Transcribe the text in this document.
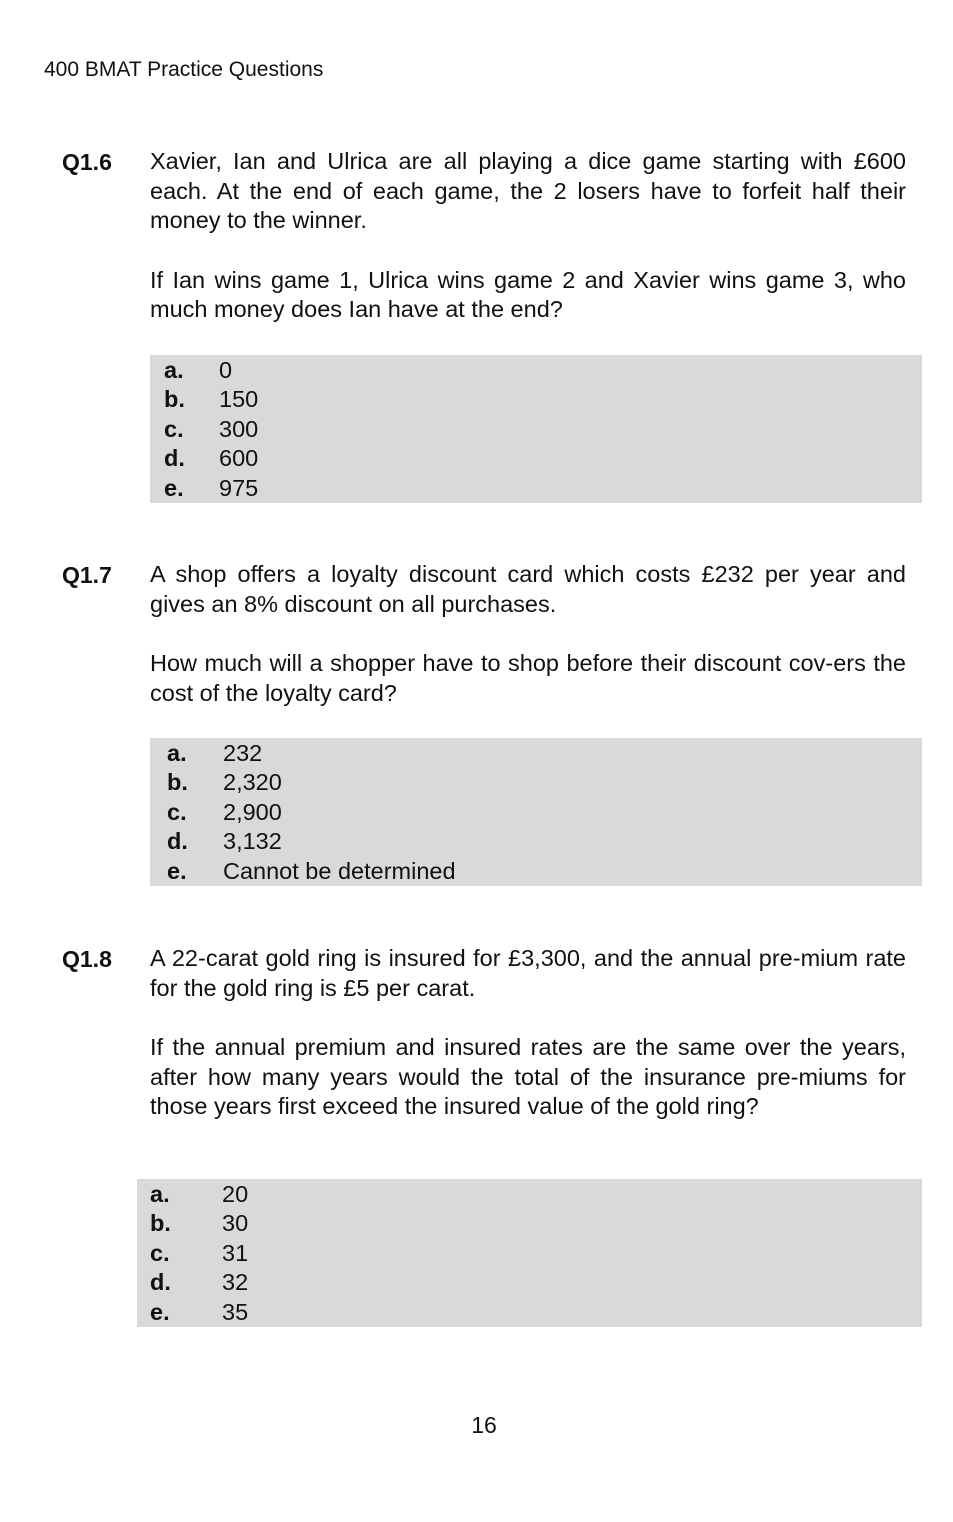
400 BMAT Practice Questions
Q1.6 Xavier, Ian and Ulrica are all playing a dice game starting with £600 each. At the end of each game, the 2 losers have to forfeit half their money to the winner.

If Ian wins game 1, Ulrica wins game 2 and Xavier wins game 3, who much money does Ian have at the end?

a. 0
b. 150
c. 300
d. 600
e. 975
Q1.7 A shop offers a loyalty discount card which costs £232 per year and gives an 8% discount on all purchases.

How much will a shopper have to shop before their discount cov-ers the cost of the loyalty card?

a. 232
b. 2,320
c. 2,900
d. 3,132
e. Cannot be determined
Q1.8 A 22-carat gold ring is insured for £3,300, and the annual pre-mium rate for the gold ring is £5 per carat.

If the annual premium and insured rates are the same over the years, after how many years would the total of the insurance pre-miums for those years first exceed the insured value of the gold ring?

a. 20
b. 30
c. 31
d. 32
e. 35
16
